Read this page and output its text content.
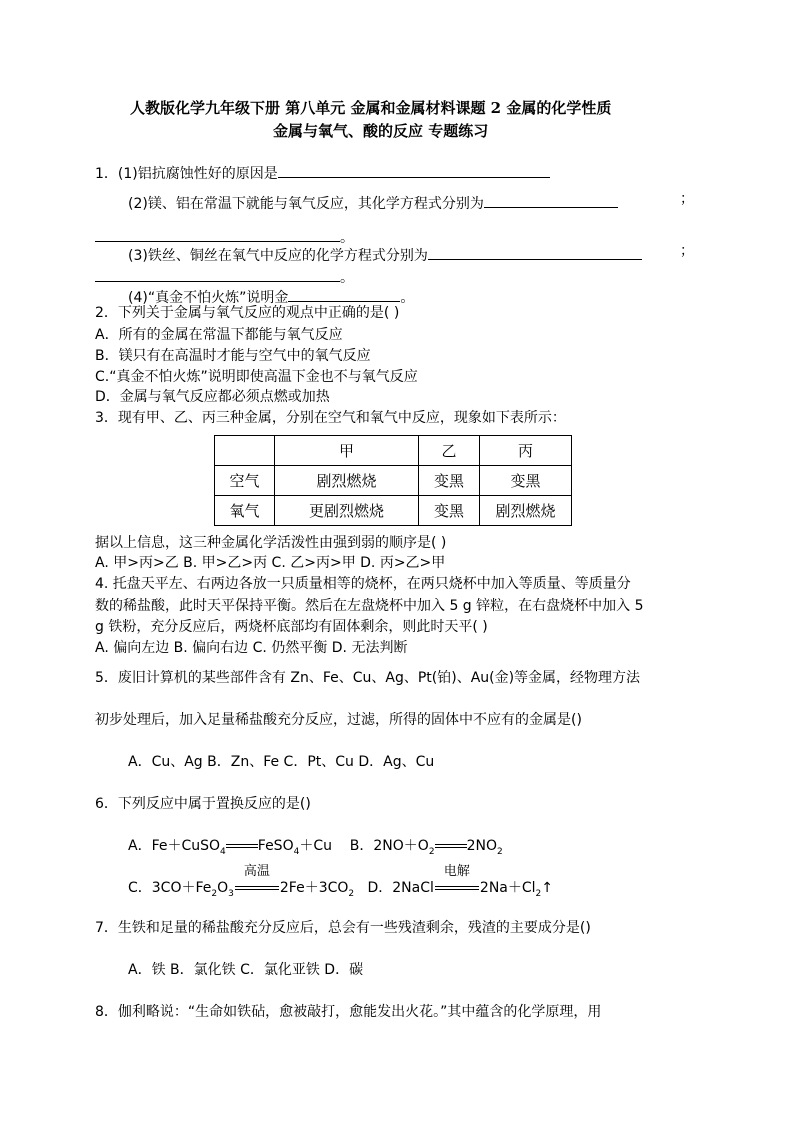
人教版化学九年级下册 第八单元 金属和金属材料课题 2 金属的化学性质
金属与氧气、酸的反应 专题练习
1．(1)铝抗腐蚀性好的原因是
(2)镁、铝在常温下就能与氧气反应，其化学方程式分别为	；
。
(3)铁丝、铜丝在氧气中反应的化学方程式分别为	；
。
(4)“真金不怕火炼”说明金	。
2．下列关于金属与氧气反应的观点中正确的是( )
A．所有的金属在常温下都能与氧气反应
B．镁只有在高温时才能与空气中的氧气反应
C.“真金不怕火炼”说明即使高温下金也不与氧气反应
D．金属与氧气反应都必须点燃或加热
3．现有甲、乙、丙三种金属，分别在空气和氧气中反应，现象如下表所示：
	甲	乙	丙
空气	剧烈燃烧	变黑	变黑
氧气	更剧烈燃烧	变黑	剧烈燃烧
据以上信息，这三种金属化学活泼性由强到弱的顺序是( )
A. 甲>丙>乙 B. 甲>乙>丙 C. 乙>丙>甲 D. 丙>乙>甲
4. 托盘天平左、右两边各放一只质量相等的烧杯，在两只烧杯中加入等质量、等质量分
数的稀盐酸，此时天平保持平衡。然后在左盘烧杯中加入 5 g 锌粒，在右盘烧杯中加入 5
g 铁粉，充分反应后，两烧杯底部均有固体剩余，则此时天平( )
A. 偏向左边 B. 偏向右边 C. 仍然平衡 D. 无法判断
5．废旧计算机的某些部件含有 Zn、Fe、Cu、Ag、Pt(铂)、Au(金)等金属，经物理方法
初步处理后，加入足量稀盐酸充分反应，过滤，所得的固体中不应有的金属是()
A．Cu、Ag B．Zn、Fe C．Pt、Cu D．Ag、Cu
6．下列反应中属于置换反应的是()
A．Fe＋CuSO$_4$ FeSO$_4$＋Cu B．$2NO+O_2$ $2NO_2$
C．$3CO+Fe_2O_3$
高温
$2Fe+3CO_2$ D．2NaCl
电解
$2Na+Cl_2↑$
7．生铁和足量的稀盐酸充分反应后，总会有一些残渣剩余，残渣的主要成分是()
A．铁 B．氯化铁 C．氯化亚铁 D．碳
8．伽利略说：“生命如铁砧，愈被敲打，愈能发出火花。”其中蕴含的化学原理，用
